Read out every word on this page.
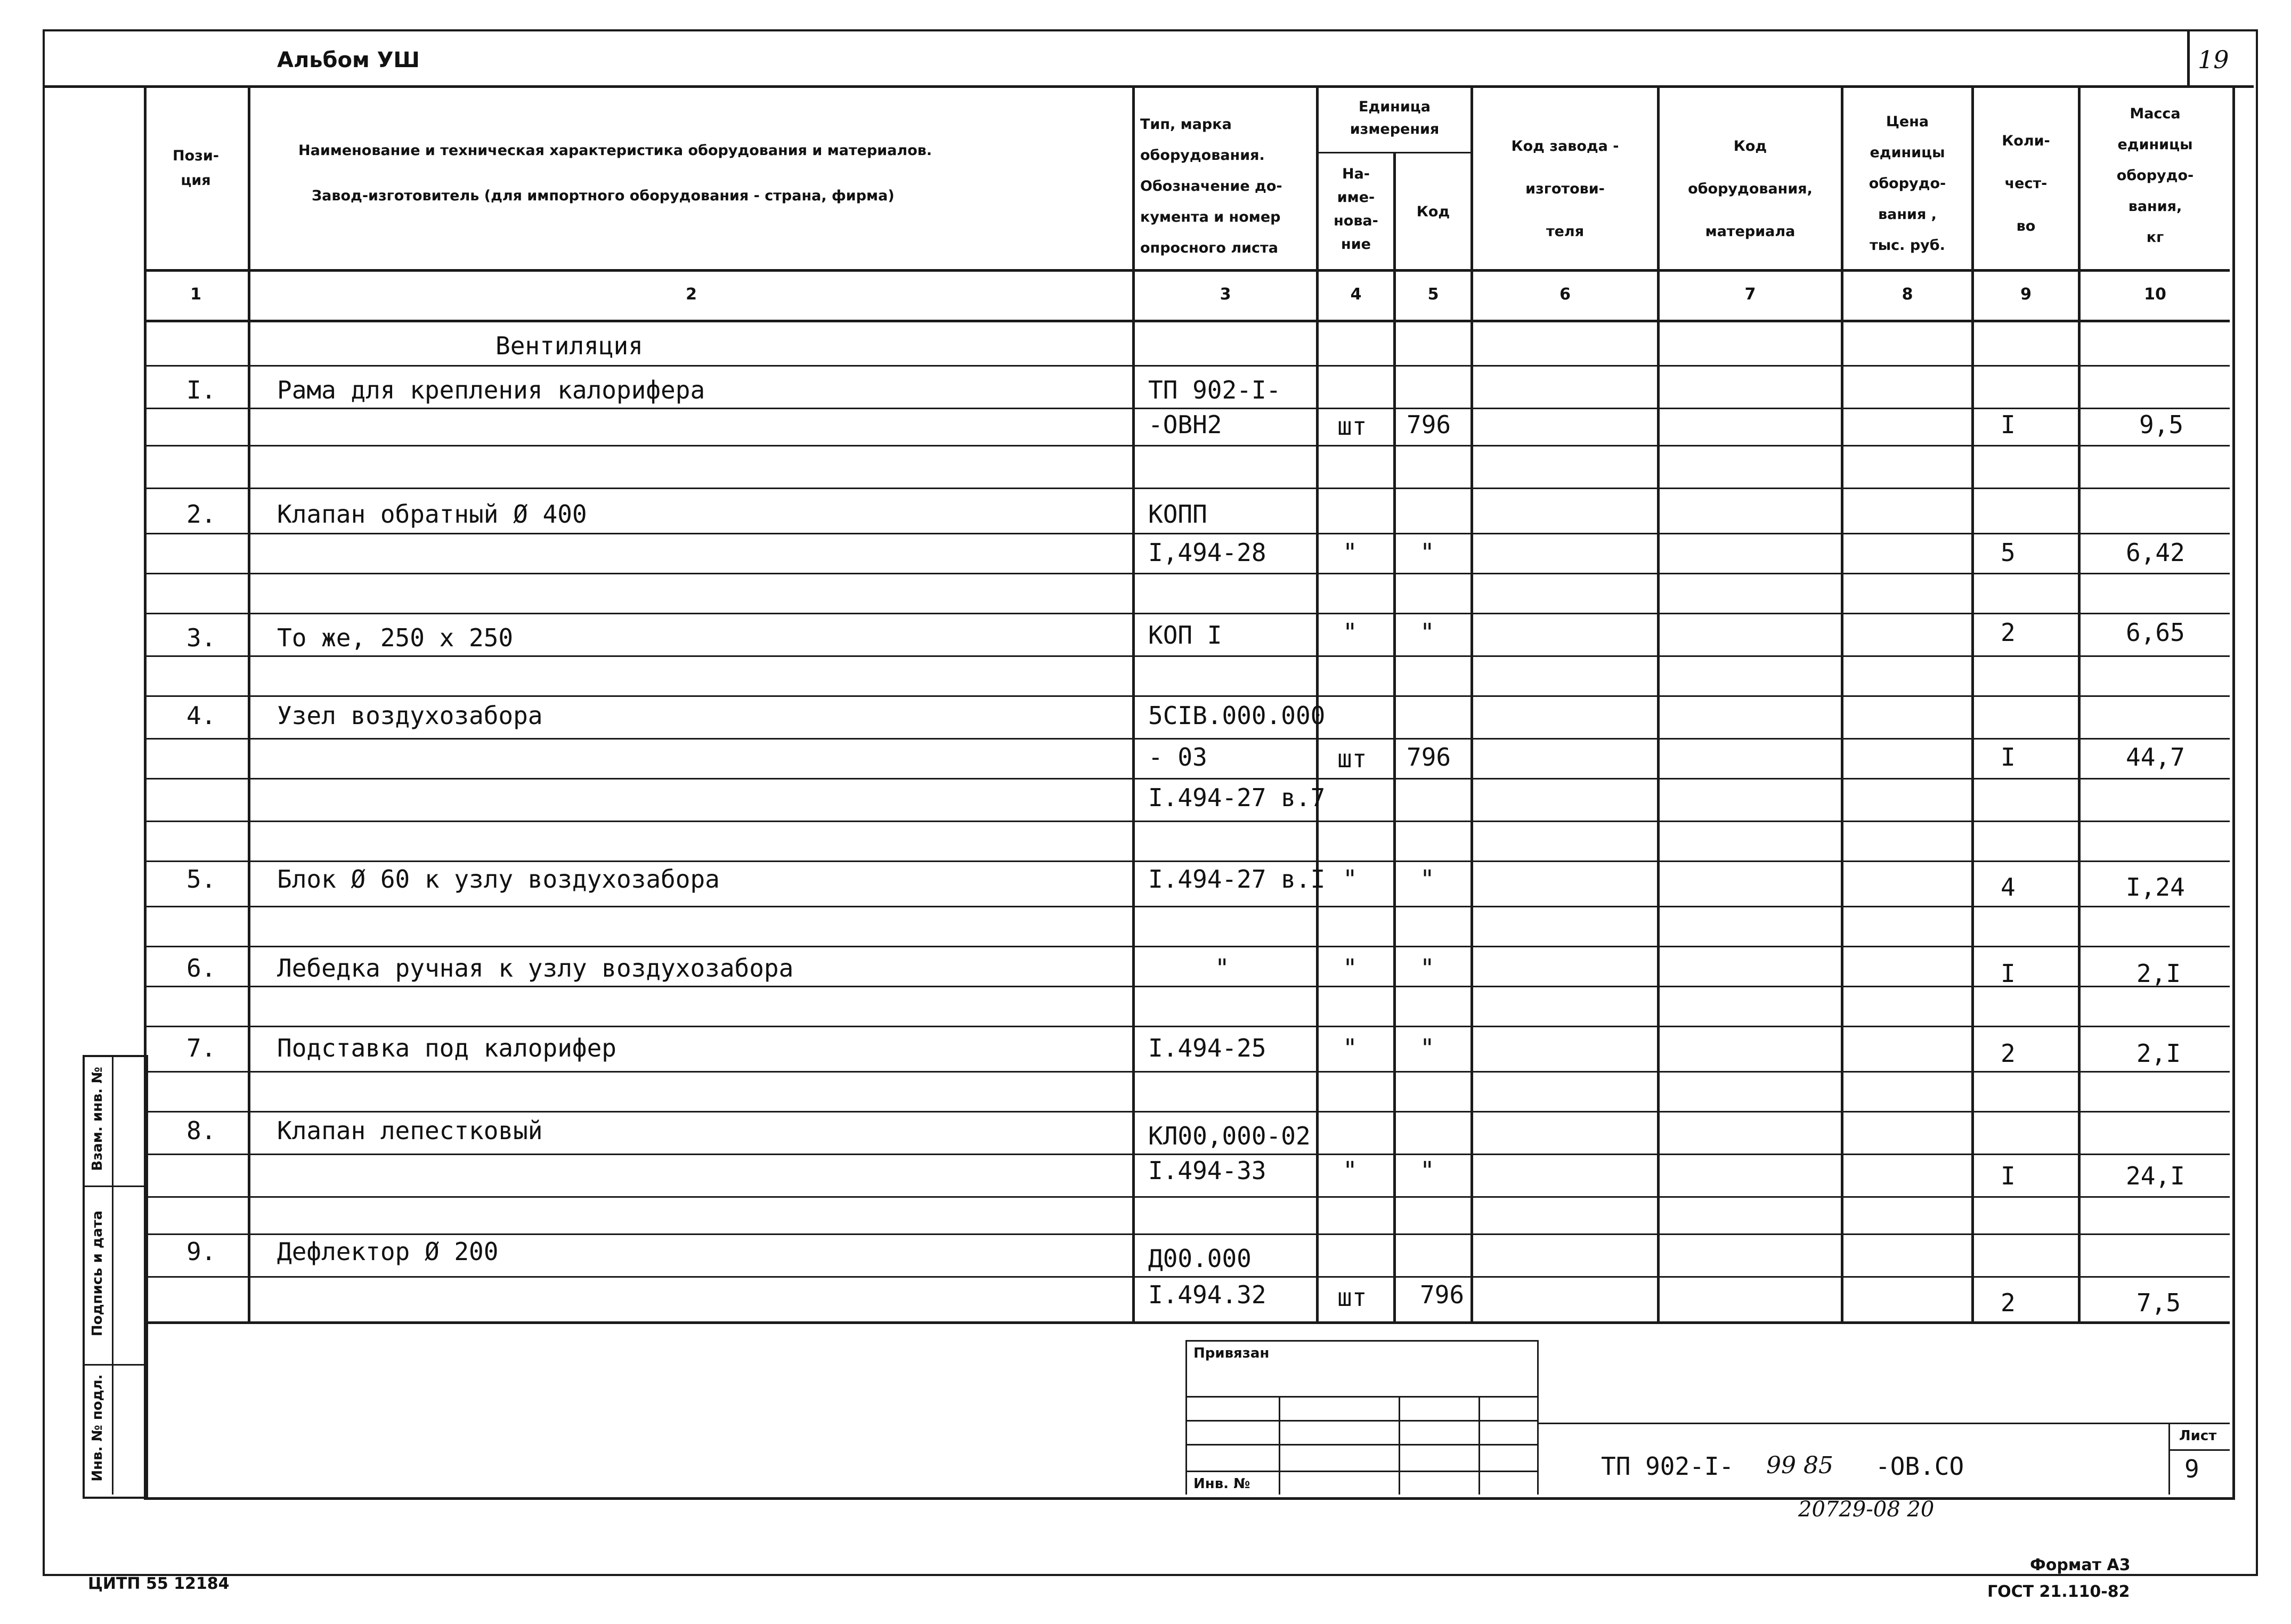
Альбом УШ	19
Пози-
ция
Наименование и техническая характеристика оборудования и материалов.
Завод-изготовитель (для импортного оборудования - страна, фирма)
Тип, марка
оборудования.
Обозначение до-
кумента и номер
опросного листа
Единица
измерения
На-
име-
нова-
ние
Код
Код завода -
изготови-
теля
Код
оборудования,
материала
Цена
единицы
оборудо-
вания ,
тыс. руб.
Коли-
чест-
во
Масса
единицы
оборудо-
вания,
кг
1	2	3	4	5	6	7	8	9	10
Вентиляция
I. Рама для крепления калорифера	ТП 902-I-
-ОВН2	шт 796	I	9,5
2. Клапан обратный Ø 400	КОПП
I,494-28	"	"	5	6,42
3. То же, 250 х 250	КОП I	"	"	2	6,65
4. Узел воздухозабора	5СIВ.000.000
- 03	шт 796	I	44,7
I.494-27 в.7
5. Блок Ø 60 к узлу воздухозабора	I.494-27 в.I "	"	4	I,24
6. Лебедка ручная к узлу воздухозабора	"	"	"	I	2,I
7. Подставка под калорифер	I.494-25	"	"	2	2,I
8. Клапан лепестковый	КЛ00,000-02
I.494-33	"	"	I	24,I
9. Дефлектор Ø 200	Д00.000
I.494.32	шт 796	2	7,5
Взам. инв. №
Подпись и дата
Инв. № подл.
Привязан
Инв. №
Лист
9
ТП 902-I- 99 85 -ОВ.СО
20729-08 20
ЦИТП 55 12184
Формат А3
ГОСТ 21.110-82
